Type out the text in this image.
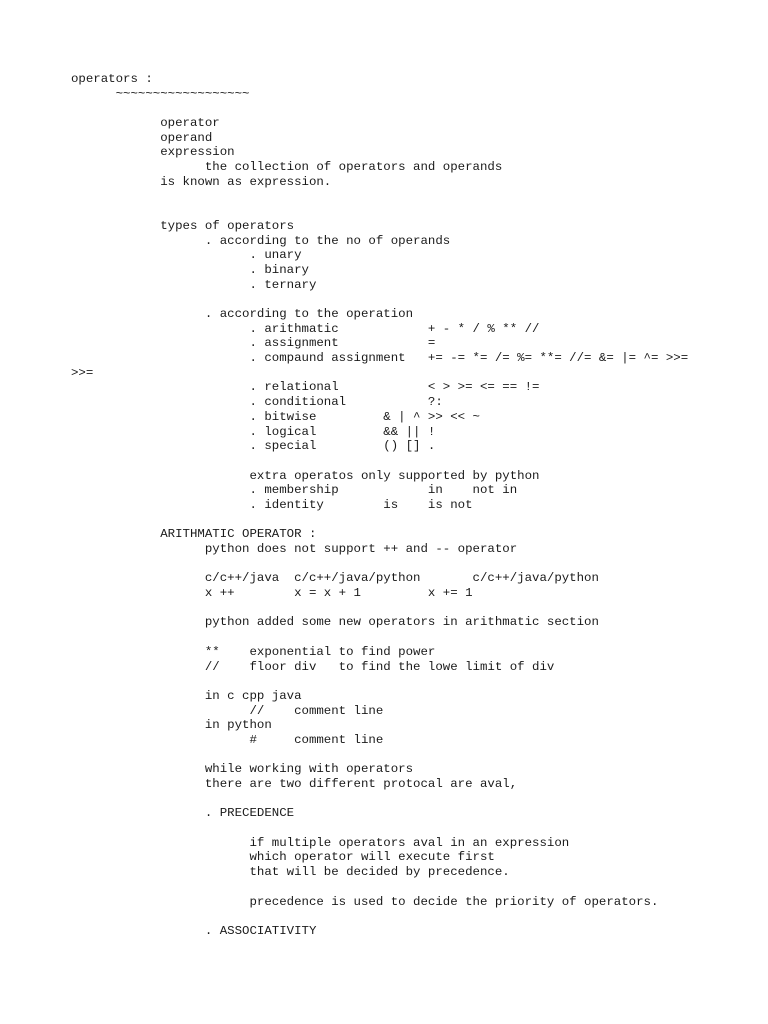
operators :
~~~~~~~~~~~~~~~~~~
operator
operand
expression
the collection of operators and operands
is known as expression.
types of operators
. according to the no of operands
. unary
. binary
. ternary
. according to the operation
. arithmatic            + - * / % ** //
. assignment            =
. compaund assignment   += -= *= /= %= **= //= &= |= ^= >>=
>>=
. relational            < > >= <= == !=
. conditional           ?:
. bitwise         & | ^ >> << ~
. logical         && || !
. special         () [] .
extra operatos only supported by python
. membership            in    not in
. identity        is    is not
ARITHMATIC OPERATOR :
python does not support ++ and -- operator
c/c++/java  c/c++/java/python       c/c++/java/python
x ++        x = x + 1         x += 1
python added some new operators in arithmatic section
**    exponential to find power
//    floor div   to find the lowe limit of div
in c cpp java
//    comment line
in python
#     comment line
while working with operators
there are two different protocal are aval,
. PRECEDENCE
if multiple operators aval in an expression
which operator will execute first
that will be decided by precedence.
precedence is used to decide the priority of operators.
. ASSOCIATIVITY
